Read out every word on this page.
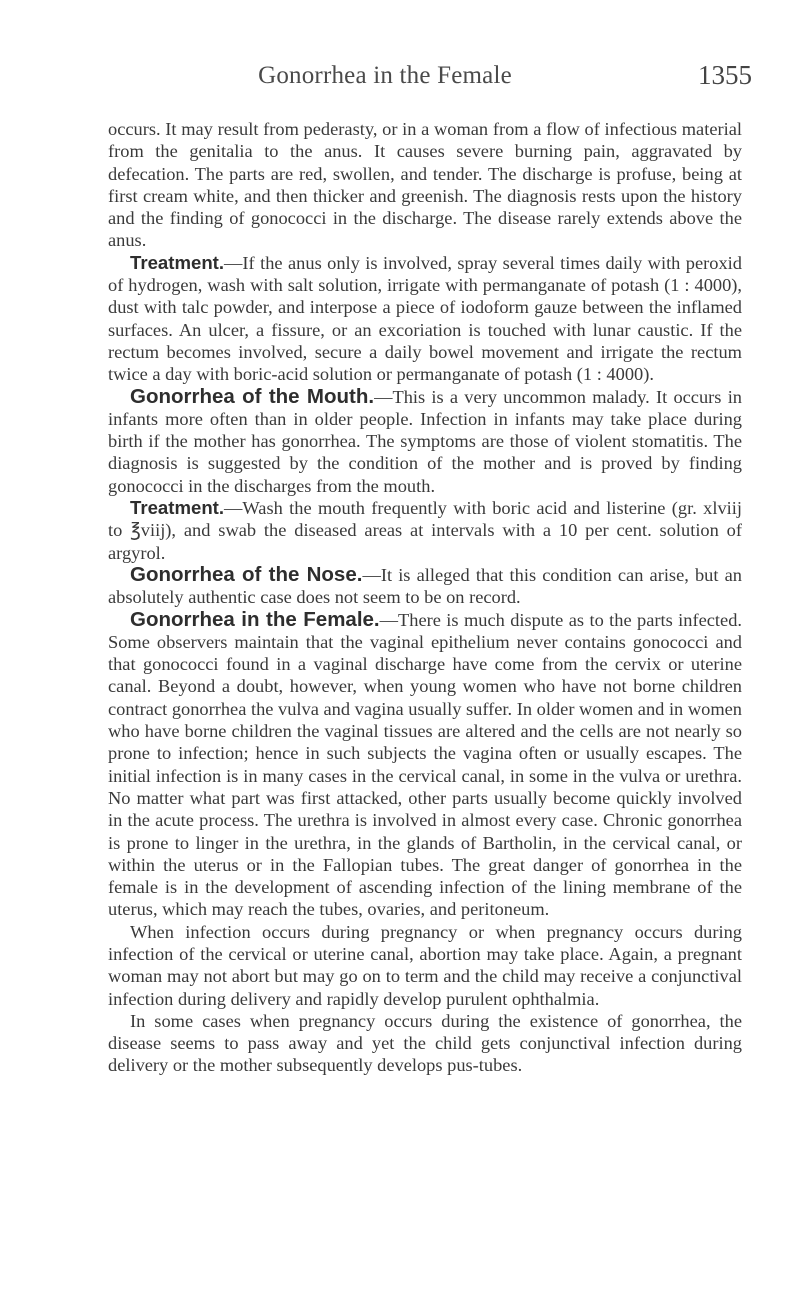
Gonorrhea in the Female	1355

occurs. It may result from pederasty, or in a woman from a flow of infectious material from the genitalia to the anus. It causes severe burning pain, aggravated by defecation. The parts are red, swollen, and tender. The discharge is profuse, being at first cream white, and then thicker and greenish. The diagnosis rests upon the history and the finding of gonococci in the discharge. The disease rarely extends above the anus.

Treatment.—If the anus only is involved, spray several times daily with peroxid of hydrogen, wash with salt solution, irrigate with permanganate of potash (1 : 4000), dust with talc powder, and interpose a piece of iodoform gauze between the inflamed surfaces. An ulcer, a fissure, or an excoriation is touched with lunar caustic. If the rectum becomes involved, secure a daily bowel movement and irrigate the rectum twice a day with boric-acid solution or permanganate of potash (1 : 4000).

Gonorrhea of the Mouth.—This is a very uncommon malady. It occurs in infants more often than in older people. Infection in infants may take place during birth if the mother has gonorrhea. The symptoms are those of violent stomatitis. The diagnosis is suggested by the condition of the mother and is proved by finding gonococci in the discharges from the mouth.

Treatment.—Wash the mouth frequently with boric acid and listerine (gr. xlviij to ℥viij), and swab the diseased areas at intervals with a 10 per cent. solution of argyrol.

Gonorrhea of the Nose.—It is alleged that this condition can arise, but an absolutely authentic case does not seem to be on record.

Gonorrhea in the Female.—There is much dispute as to the parts infected. Some observers maintain that the vaginal epithelium never contains gonococci and that gonococci found in a vaginal discharge have come from the cervix or uterine canal. Beyond a doubt, however, when young women who have not borne children contract gonorrhea the vulva and vagina usually suffer. In older women and in women who have borne children the vaginal tissues are altered and the cells are not nearly so prone to infection; hence in such subjects the vagina often or usually escapes. The initial infection is in many cases in the cervical canal, in some in the vulva or urethra. No matter what part was first attacked, other parts usually become quickly involved in the acute process. The urethra is involved in almost every case. Chronic gonorrhea is prone to linger in the urethra, in the glands of Bartholin, in the cervical canal, or within the uterus or in the Fallopian tubes. The great danger of gonorrhea in the female is in the development of ascending infection of the lining membrane of the uterus, which may reach the tubes, ovaries, and peritoneum.

When infection occurs during pregnancy or when pregnancy occurs during infection of the cervical or uterine canal, abortion may take place. Again, a pregnant woman may not abort but may go on to term and the child may receive a conjunctival infection during delivery and rapidly develop purulent ophthalmia.

In some cases when pregnancy occurs during the existence of gonorrhea, the disease seems to pass away and yet the child gets conjunctival infection during delivery or the mother subsequently develops pus-tubes.
